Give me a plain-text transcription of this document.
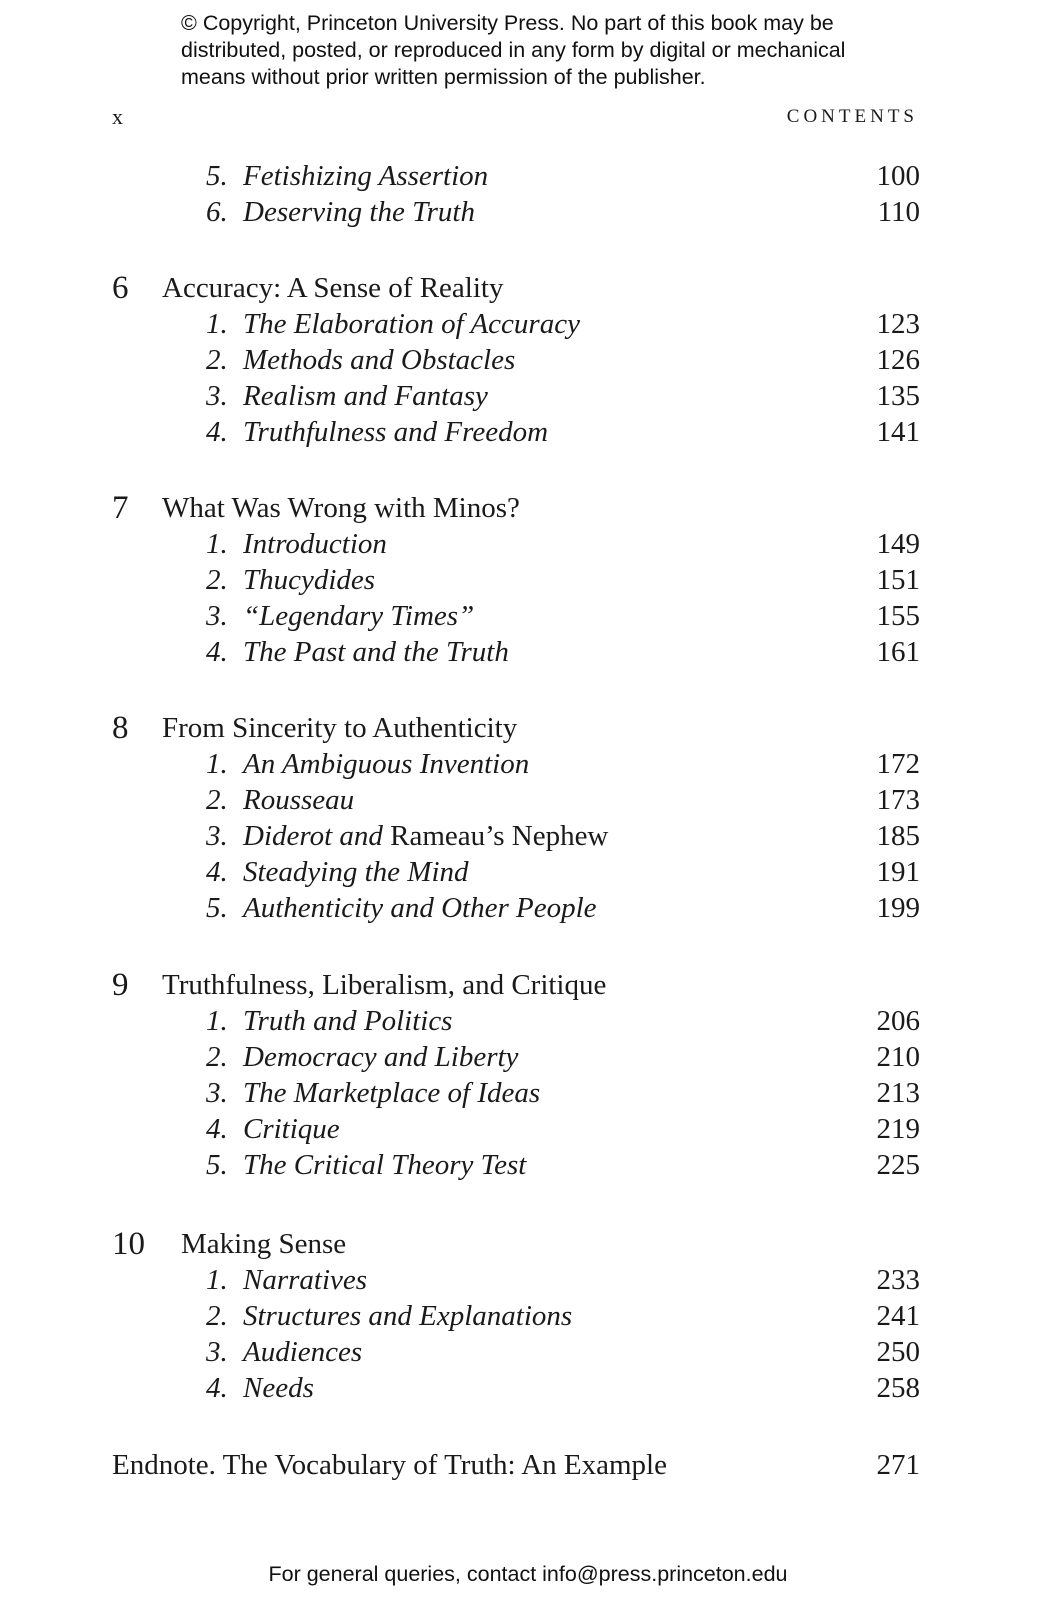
© Copyright, Princeton University Press. No part of this book may be
distributed, posted, or reproduced in any form by digital or mechanical
means without prior written permission of the publisher.
x	CONTENTS
5. Fetishizing Assertion	100
6. Deserving the Truth	110
6 Accuracy: A Sense of Reality
1. The Elaboration of Accuracy	123
2. Methods and Obstacles	126
3. Realism and Fantasy	135
4. Truthfulness and Freedom	141
7 What Was Wrong with Minos?
1. Introduction	149
2. Thucydides	151
3. “Legendary Times”	155
4. The Past and the Truth	161
8 From Sincerity to Authenticity
1. An Ambiguous Invention	172
2. Rousseau	173
3. Diderot and Rameau’s Nephew	185
4. Steadying the Mind	191
5. Authenticity and Other People	199
9 Truthfulness, Liberalism, and Critique
1. Truth and Politics	206
2. Democracy and Liberty	210
3. The Marketplace of Ideas	213
4. Critique	219
5. The Critical Theory Test	225
10 Making Sense
1. Narratives	233
2. Structures and Explanations	241
3. Audiences	250
4. Needs	258
Endnote. The Vocabulary of Truth: An Example	271
For general queries, contact info@press.princeton.edu
